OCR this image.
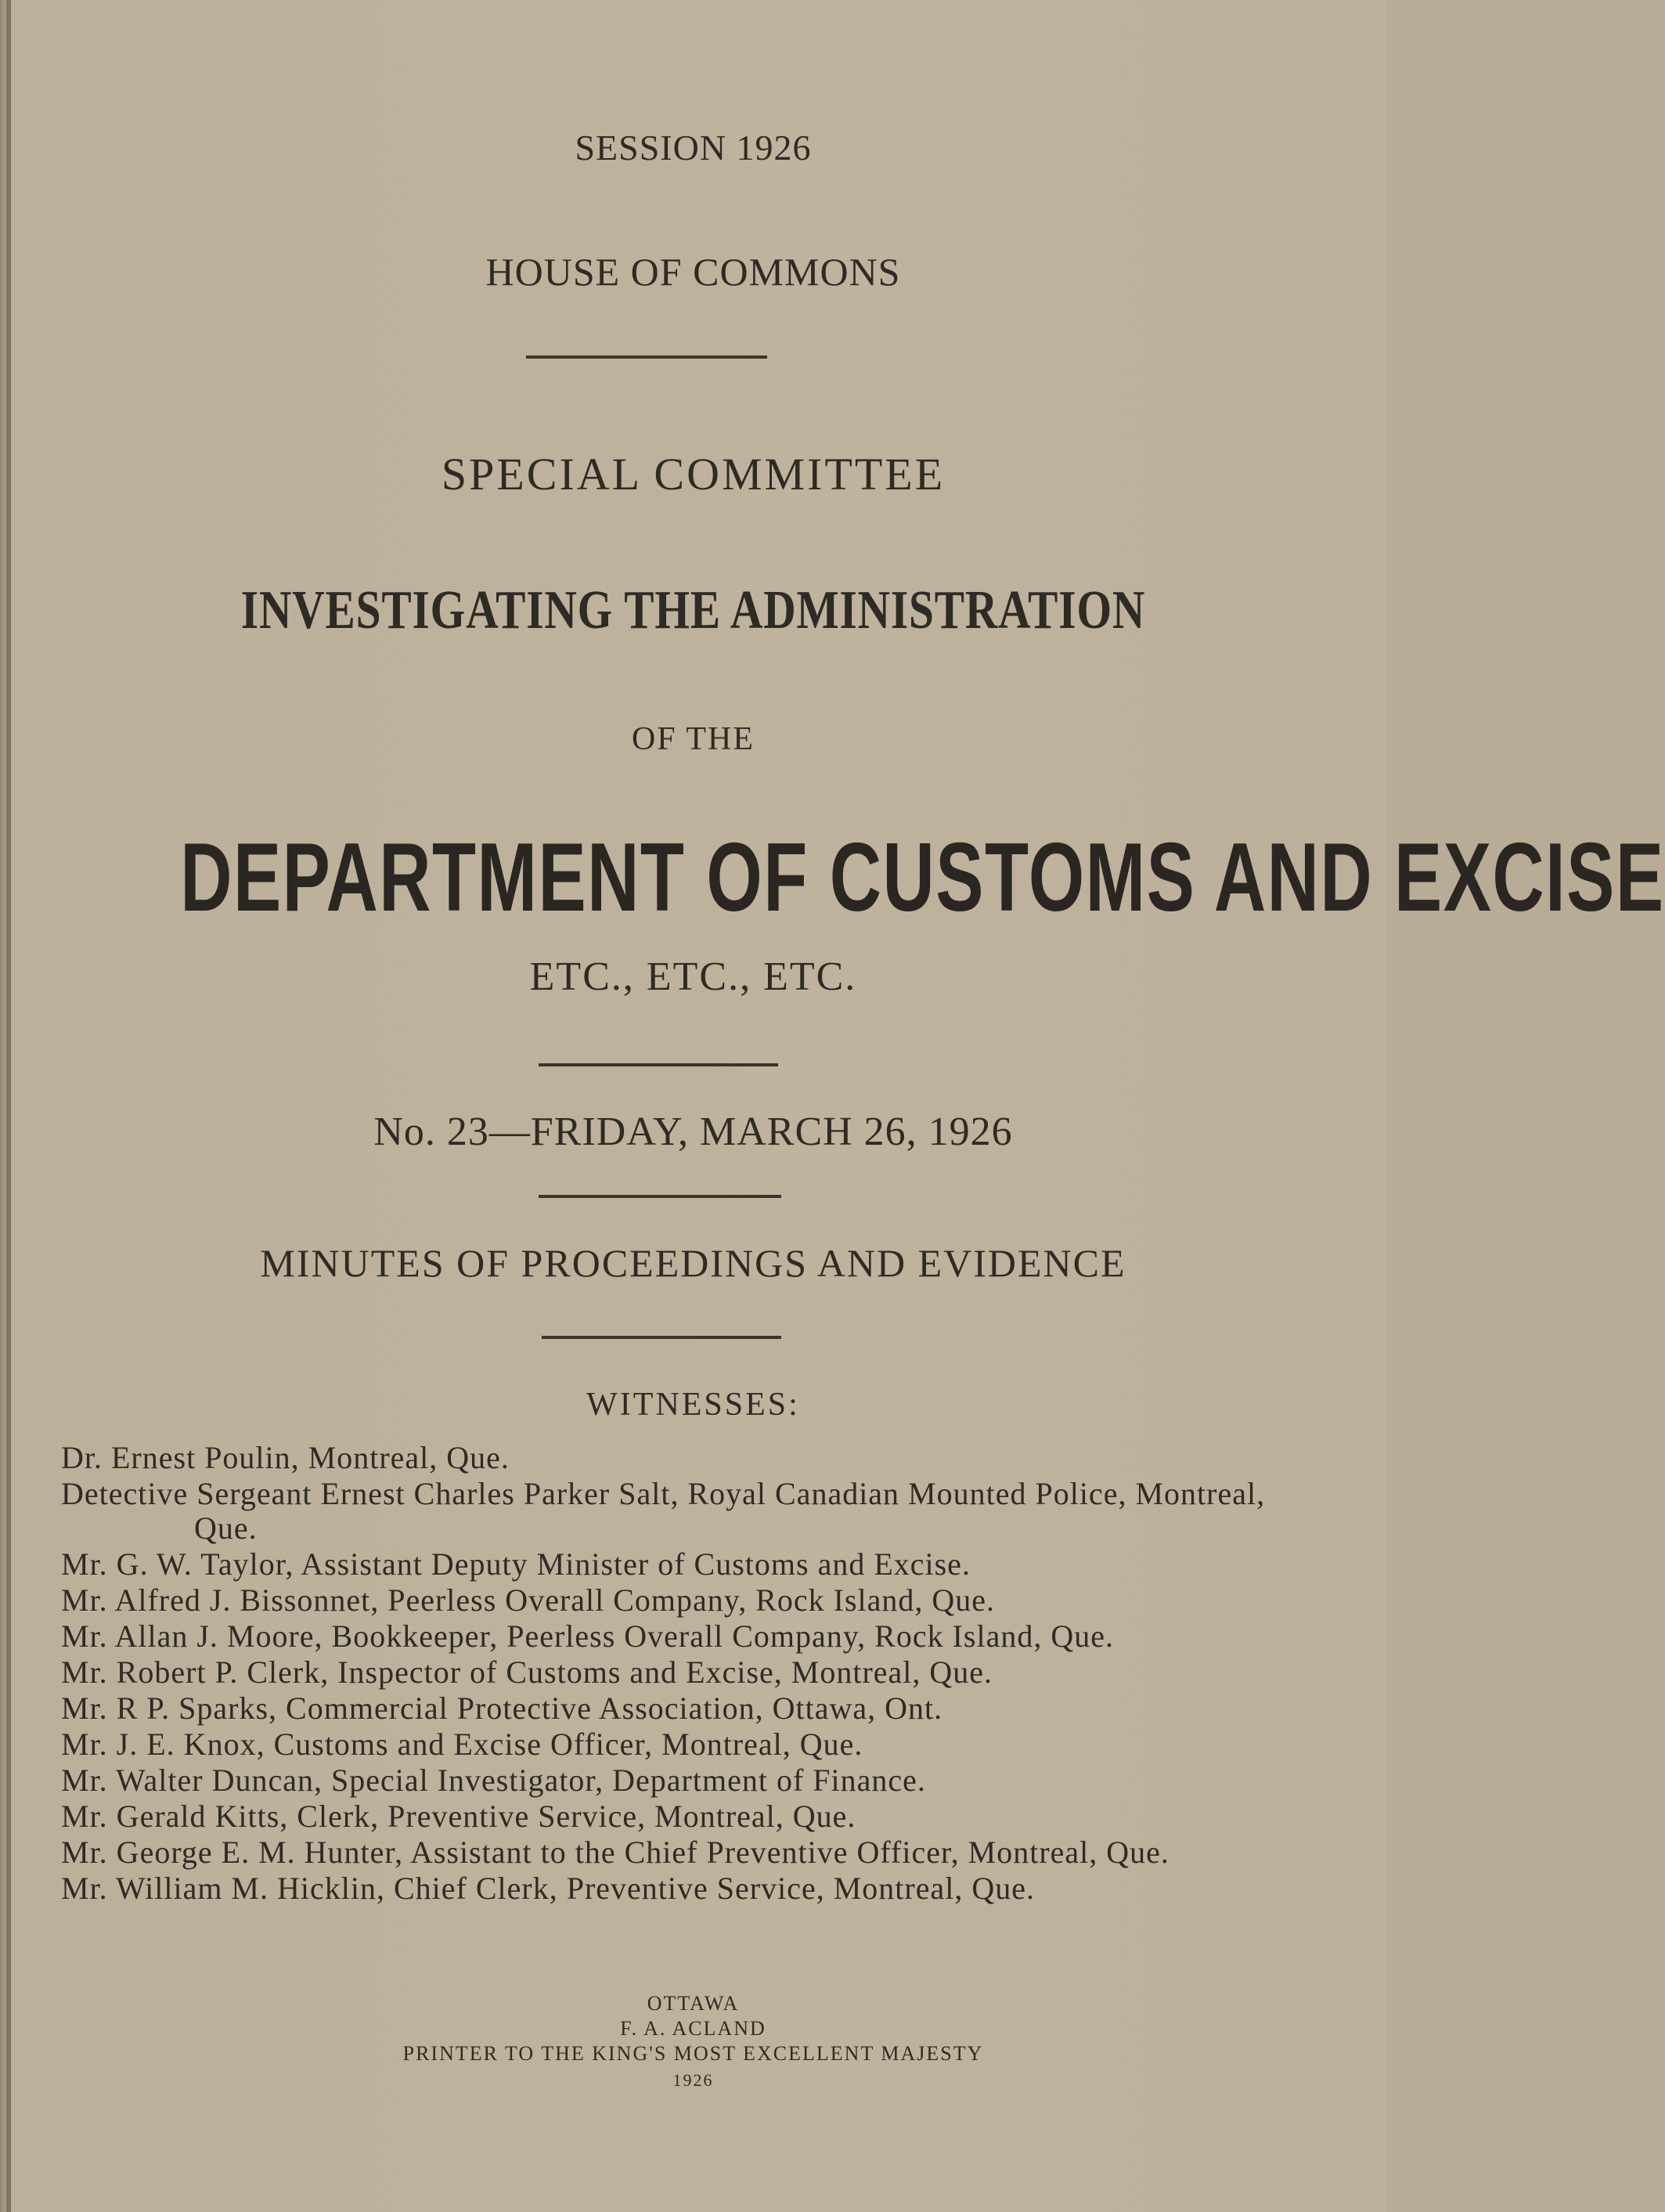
SESSION 1926
HOUSE OF COMMONS
SPECIAL COMMITTEE
INVESTIGATING THE ADMINISTRATION
OF THE
DEPARTMENT OF CUSTOMS AND EXCISE
ETC., ETC., ETC.
No. 23—FRIDAY, MARCH 26, 1926
MINUTES OF PROCEEDINGS AND EVIDENCE
WITNESSES:
Dr. Ernest Poulin, Montreal, Que.
Detective Sergeant Ernest Charles Parker Salt, Royal Canadian Mounted Police, Montreal, Que.
Mr. G. W. Taylor, Assistant Deputy Minister of Customs and Excise.
Mr. Alfred J. Bissonnet, Peerless Overall Company, Rock Island, Que.
Mr. Allan J. Moore, Bookkeeper, Peerless Overall Company, Rock Island, Que.
Mr. Robert P. Clerk, Inspector of Customs and Excise, Montreal, Que.
Mr. R P. Sparks, Commercial Protective Association, Ottawa, Ont.
Mr. J. E. Knox, Customs and Excise Officer, Montreal, Que.
Mr. Walter Duncan, Special Investigator, Department of Finance.
Mr. Gerald Kitts, Clerk, Preventive Service, Montreal, Que.
Mr. George E. M. Hunter, Assistant to the Chief Preventive Officer, Montreal, Que.
Mr. William M. Hicklin, Chief Clerk, Preventive Service, Montreal, Que.
OTTAWA
F. A. ACLAND
PRINTER TO THE KING'S MOST EXCELLENT MAJESTY
1926
